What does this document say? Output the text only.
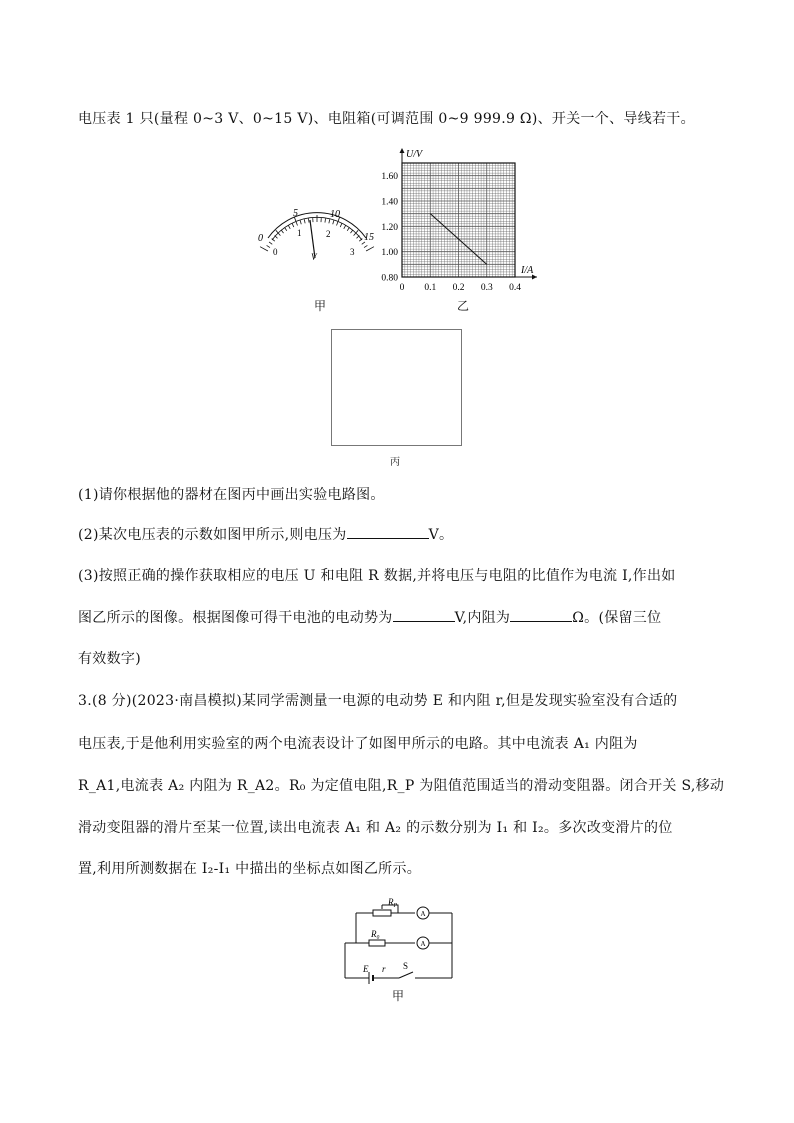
电压表 1 只(量程 0~3 V、0~15 V)、电阻箱(可调范围 0~9 999.9 Ω)、开关一个、导线若干。
0
5	10
15
0
1	2
3
V
甲
U/V
I/A
0.80
1.00
1.20
1.40
1.60
0 0.1 0.2 0.3 0.4
乙
丙
(1)请你根据他的器材在图丙中画出实验电路图。
(2)某次电压表的示数如图甲所示,则电压为	V。
(3)按照正确的操作获取相应的电压 U 和电阻 R 数据,并将电压与电阻的比值作为电流 I,作出如
图乙所示的图像。根据图像可得干电池的电动势为	V,内阻为	Ω。(保留三位
有效数字)
3.(8 分)(2023·南昌模拟)某同学需测量一电源的电动势 E 和内阻 r,但是发现实验室没有合适的
电压表,于是他利用实验室的两个电流表设计了如图甲所示的电路。其中电流表 A₁ 内阻为
R_A1,电流表 A₂ 内阻为 R_A2。R₀ 为定值电阻,R_P 为阻值范围适当的滑动变阻器。闭合开关 S,移动
滑动变阻器的滑片至某一位置,读出电流表 A₁ 和 A₂ 的示数分别为 I₁ 和 I₂。多次改变滑片的位
置,利用所测数据在 I₂-I₁ 中描出的坐标点如图乙所示。
A
A
$R_P$
R₀
E r S
甲
